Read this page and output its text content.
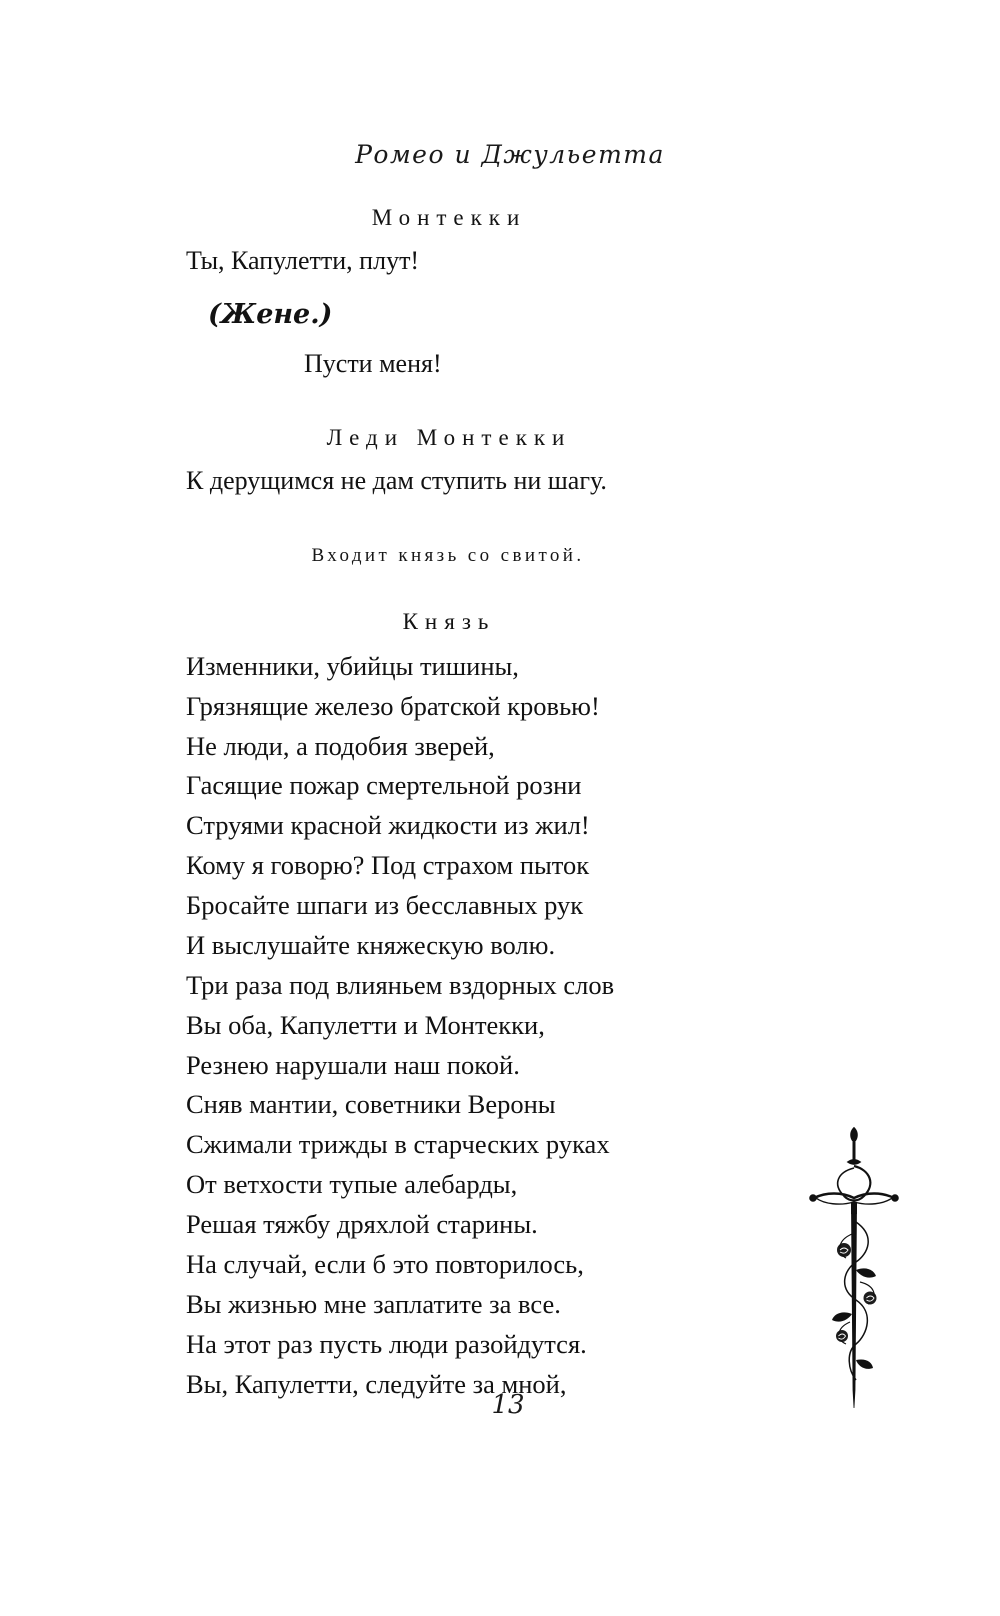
Ромео и Джульетта
Монтекки

Ты, Капулетти, плут!

(Жене.)

Пусти меня!

Леди Монтекки

К дерущимся не дам ступить ни шагу.

Входит князь со свитой.
Князь

Изменники, убийцы тишины,

Грязнящие железо братской кровью!

Не люди, а подобия зверей,

Гасящие пожар смертельной розни

Струями красной жидкости из жил!

Кому я говорю? Под страхом пыток

Бросайте шпаги из бесславных рук

И выслушайте княжескую волю.

Три раза под влияньем вздорных слов

Вы оба, Капулетти и Монтекки,

Резнею нарушали наш покой.

Сняв мантии, советники Вероны

Сжимали трижды в старческих руках

От ветхости тупые алебарды,

Решая тяжбу дряхлой старины.

На случай, если б это повторилось,

Вы жизнью мне заплатите за все.

На этот раз пусть люди разойдутся.

Вы, Капулетти, следуйте за мной,

13
